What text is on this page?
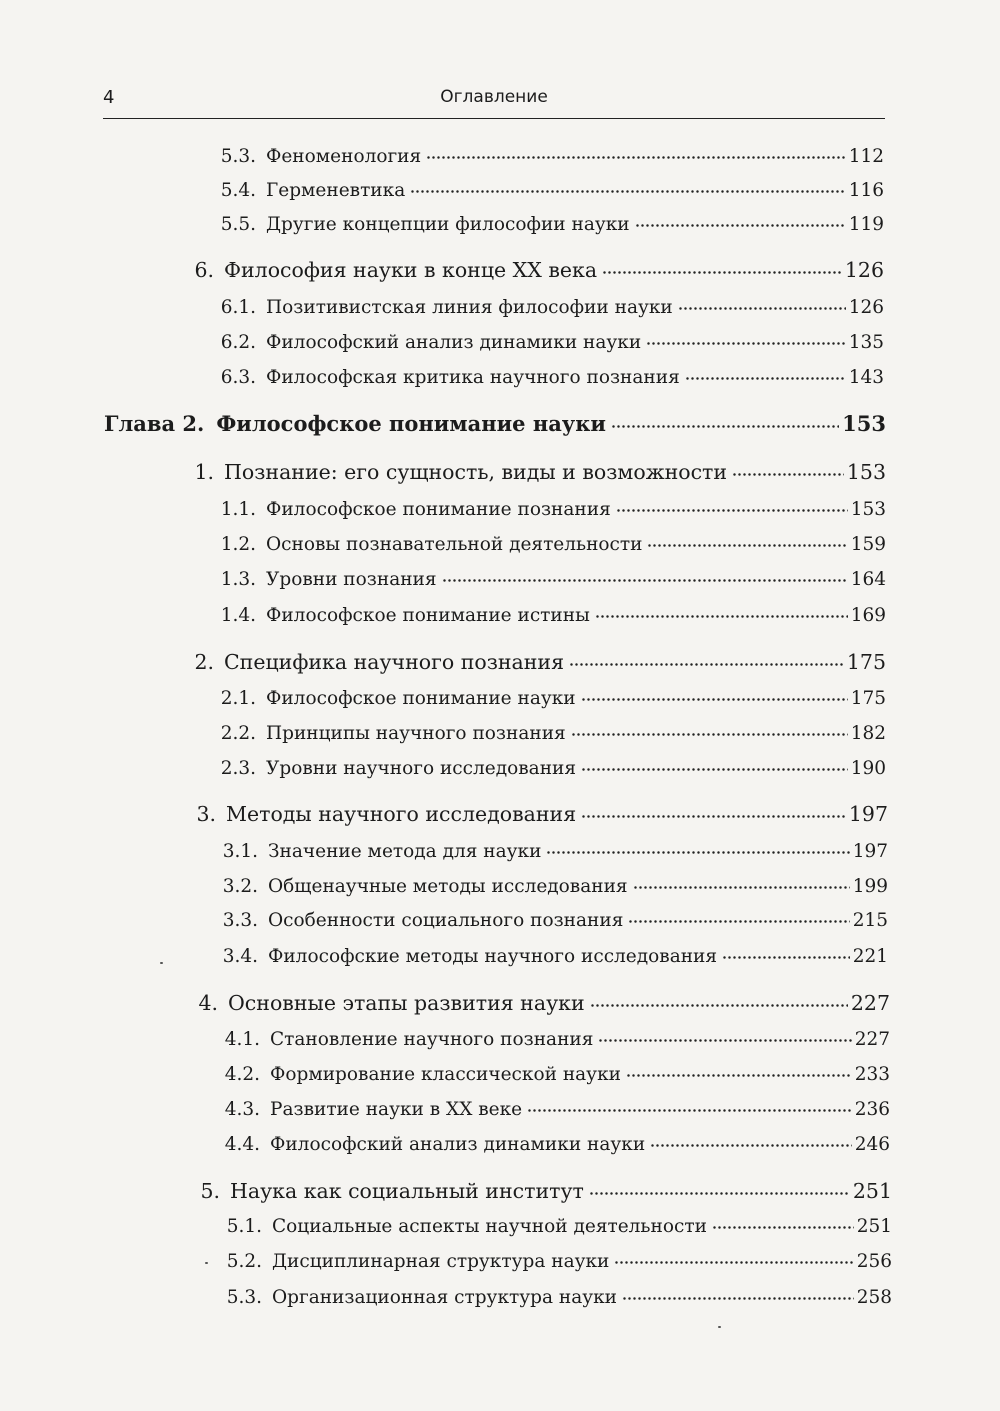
4	Оглавление
5.3. Феноменология	112
5.4. Герменевтика	116
5.5. Другие концепции философии науки	119
6. Философия науки в конце XX века	126
6.1. Позитивистская линия философии науки	126
6.2. Философский анализ динамики науки	135
6.3. Философская критика научного познания	143
Глава 2. Философское понимание науки	153
1. Познание: его сущность, виды и возможности	153
1.1. Философское понимание познания	153
1.2. Основы познавательной деятельности	159
1.3. Уровни познания	164
1.4. Философское понимание истины	169
2. Специфика научного познания	175
2.1. Философское понимание науки	175
2.2. Принципы научного познания	182
2.3. Уровни научного исследования	190
3. Методы научного исследования	197
3.1. Значение метода для науки	197
3.2. Общенаучные методы исследования	199
3.3. Особенности социального познания	215
3.4. Философские методы научного исследования	221
4. Основные этапы развития науки	227
4.1. Становление научного познания	227
4.2. Формирование классической науки	233
4.3. Развитие науки в XX веке	236
4.4. Философский анализ динамики науки	246
5. Наука как социальный институт	251
5.1. Социальные аспекты научной деятельности	251
5.2. Дисциплинарная структура науки	256
5.3. Организационная структура науки	258
